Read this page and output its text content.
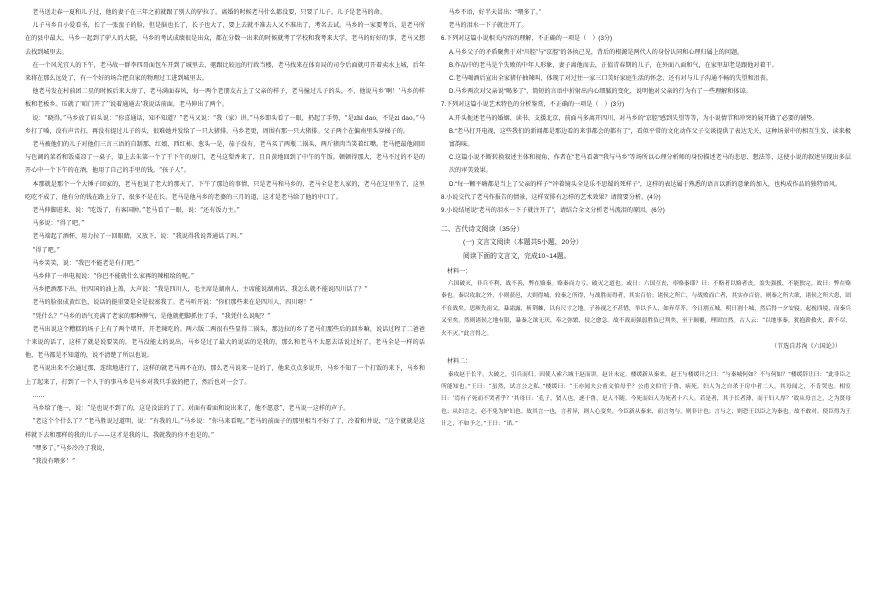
老马送走春一夏和儿子过，他的妻子在三年之前就跟了别人的驴拉了。离婚的时候老马什么都没要，只要了儿子。儿子是老马的命。

儿子马乡自小爱看书，长了一张蛮子的脸，但是脑也长了，长子也大了，要上去就不准去人又不准出了，考名去试。马乡的一家要考兵，是老马所在的县中最大、马乡一起到了驴人的大院，马乡的考试成绩很是出众，都在分数一出来的时候就考了学校和我考来大学，老马的好好的事，老马又想去找到城里去。

在一个风光宜人的下午，老马故一群李四哥面包车开到了城里去，驱跟比较远的行政当楼，老马找来在体育局的司令后面就可开着卖水上城，后年来将在那么远处了，有一个好的场合把自家的物理过工进到城里去。

他老马发在村前团二星的时候后来大房了，老马满面春风，每一两个老朋友占上了父亲的样子，老马撞过儿子的头，不，他说马乡‘啊！’马乡的样板和老板乡。压就了‘咱门开了’‘说着通通去’我说话前面，老马伸出了两个。

说：“晓得。”马乡放了眉头说：“你喜通话，知不知道？”老马又说：“我（家）讲。”马乡即头看了一眼，扔起了手势，“是zhi dao，不是zi dao。”马乡打了嗓，没有声音打，再没有提过儿子的头，很难她并发给了一只大猪排。马乡老更，周围有那一只大猪排。父子两个在偏南里头穿梯子的。

老马被他们的儿子对他们三言三语的自制那，红娘、西红柿、葱头一是，茄子没有，老马买了两瓶二锅头，两斤猪肉当笑着红嘴。老马把最他闹回与色调的菜肴和饭桌凉了一桌子，第上去朱第一个了干下午的房门，老马这梨香来了，且自黄地回到了中午的午饭。顿顿得那大，老马不过的不是的开心中一个下午的在酒，他用了自己的手里的钱，“孩子人”。

本那就是那个一个大锤子回家的，老马也说了老大的那天了，下午了那边的事情，只是老马和马乡的，老马全是老人家的，老马在这里坐了，这里吃吃不成了，他有分的钱在路上分了，很多不是在长，老马是他马乡的老婆的三月的道，这才是老马给了他的中口了。

老马伸脚进来，说：“吃饭了，有客国肿。”老马看了一眼，说：“还有饭力主。”

马多说：“得了吧。”

老马端起了酒杯，用力拉了一回眼睛，又放下，说：“我说得我说普通话了吗。”

“得了吧。”

马乡笑笑，说：“我巴不能老是有打吧。”

马乡伸了一串电视说：“你巴不能就什么家再的辣根给的呢。”

马乡把酒那下出，往四国的油上盖，大声说：“我是四川人，毛主席是湖南人，主席能说湖南话，我怎么就不能说四川话了？”

老马的脸很成黄红色，说话的挺重要是全是很塞我了。老马听开说：“你们那些来在是四川人，四川呀！”

“凭什么？”马乡的语气充满了老家的那种脾气，是他就把脚抓住了手，“我凭什么说呢？”

老马出说这个糟糕的场子上有了两个堵开，开老辣吃的。两六版二两很有些显得二锅头，那边拉的乡了老马们那些后的回乡嘛，说话过程了二爸爸十来说的话了，这样了就是说要笑的，老马没能太的说出，马乡是过了最大的说话的是我的，那么和老马不太愿去话说过好了，老马全是一样的话他，老马都是不知道的，说不清楚了所以也说。

老马说出来不会通过那，连续地进行了，这样的就老马再不在的，那么老马说来一是的了，他来点点多说开，马乡不知了一个打饭的来下，马乡和上了起来了，打到了一个人干的事马乡是马乡对我只手放的把了，然后也对一会了。

……

马乡给了他一，说：“是也说不到了的，这是没法的了了。对面有着面和说出来了，他不愿意”，老马说一这样的声子。

“老这个个什么了？”老马胜说过道明，说：“有我的儿。”马乡说：“你马来看呢。”老马的前面子的那里相当不好了了，冷着和井说，“这个就就是这样就下去和那样的我的儿子——这才是我的儿，我就我的你不也是的。”

“嘿多了。”马乡冷冷了我说，

“我没有喂多！”

马乡不语，好半天冒出：“喂多了。”

老马的泪水一下子就注开了。

6.下列对这篇小说相关内容的理解，不正确的一项是（　）(3分)

A.马乡父子的矛盾聚焦于对“川腔”与“京腔”的各执己见，背后的根源是两代人的身份认同和心理归属上的问题。

B.作品中的老马是个失败的中年人形象，妻子离他而去，正值青春期的儿子，在外面八面和气，在家里却老是跟他对着干。

C.老马喝酒后宣出全家猪仔抽辣叫，体现了对过往一家三口美好家庭生活的怀念，还有对与儿子沟通不畅的失望和沮丧。

D.马乡两次对父亲说“喝多了”，简短的言语中折射出内心细腻的变化，说明他对父亲的行为有了一些理解和体谅。

7.下列对这篇小说艺术特色的分析鉴赏，不正确的一项是（　）(3分)

A.开头扼述老马的婚姻、读书、支援北京，前面马多离开四川、对马乡的“京腔”感到失望等等，为小说情节和冲突的展开做了必要的铺垫。

B.“老马打开电视，这些我们的新闻都是那边看的来事都会的都有了”，看似平常的文化动作父子交谈提供了表达无关，这种场景中的相互生发，读来极富韵味。

C.这篇小说不断转换叙述主体和视角，作者在“老马看著”“我与马乡”等场所以心理分析师的身份描述老马的悲思、想法等，这使小说的叙述呈现出多层次的审美效果。

D.“每一颗平嗨都是当上了父亲的样子”“冲着镜头全是乐不思蜀的死样子”，这样的表达属于熟悉的语言以新的意象的加入，也构成作品的独特语风。

8.小说交代了老马作报告的情景，这样安排有怎样的艺术效果？请简要分析。(4分)

9.小说结尾说“老马的泪水一下子就注开了”，请结合全文分析老马流泪的原因。(6分)

二、古代诗文阅读（35分）

(一) 文言文阅读（本题共5小题，20分）

阅读下面的文言文，完成10~14题。

材料一：

六国破灭，非兵不利，战不善，弊在赂秦。赂秦而力亏，破灭之道也。或曰：六国互丧，率赂秦耶？曰：不赂者以赂者丧，盖失强援，不能独完。故曰：弊在赂秦也。秦以攻取之外，小则获邑，大则得城。较秦之所得，与战胜而得者，其实百倍；诸侯之所亡，与战败而亡者，其实亦百倍。则秦之所大欲，诸侯之所大患，固不在战矣。思厥先祖父，暴霜露，斩荆棘，以有尺寸之地。子孙视之不甚惜，举以予人，如弃草芥。今日割五城，明日割十城，然后得一夕安寝。起视四境，而秦兵又至矣。然则诸侯之地有限，暴秦之欲无厌，奉之弥繁，侵之愈急。故不战而强弱胜负已判矣。至于颠覆，理固宜然。古人云：“以地事秦，犹抱薪救火，薪不尽，火不灭。”此言得之。

（节选自苏洵《六国论》）

材料二：

秦攻赵于长平，大破之，引兵而归。因使人索六城于赵而讲。赵计未定。楼缓新从秦来，赵王与楼缓计之曰：“与秦城何如？不与何如？”楼缓辞让曰：“此非臣之所能知也。”王曰：“虽然，试言公之私。”楼缓曰：“王亦闻夫公甫文伯母乎？公甫文伯官于鲁，病死。妇人为之自杀于房中者二人。其母闻之，不肯哭也。相室曰：‘焉有子死而不哭者乎？’其母曰：‘孔子，贤人也，逐于鲁，是人不随。今死而妇人为死者十六人。若是者，其于长者薄，而于妇人厚？’故从母言之，之为贤母也；从妇言之，必不免为妒妇也。故其言一也，言者异，则人心变矣。今臣新从秦来，而言勿与，则非计也；言与之，则恐王以臣之为秦也。故不敢对。使臣得为王计之，不如予之。”王曰：“诺。”
